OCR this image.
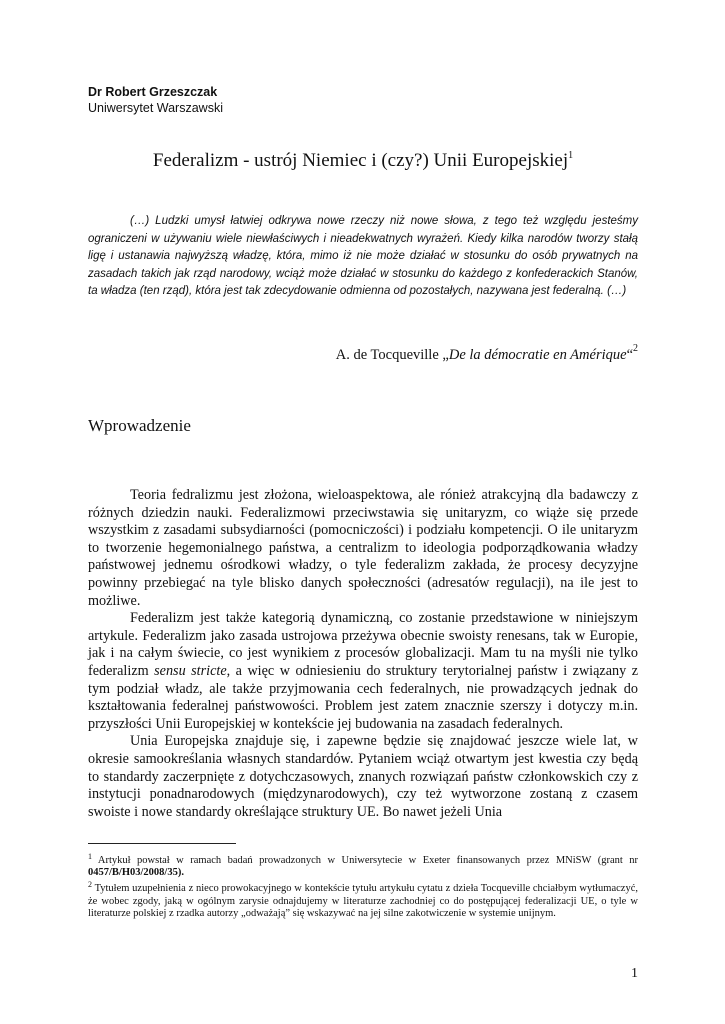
Dr Robert Grzeszczak
Uniwersytet Warszawski
Federalizm - ustrój Niemiec i (czy?) Unii Europejskiej$^1$
(…) Ludzki umysł łatwiej odkrywa nowe rzeczy niż nowe słowa, z tego też względu jesteśmy ograniczeni w używaniu wiele niewłaściwych i nieadekwatnych wyrażeń. Kiedy kilka narodów tworzy stałą ligę i ustanawia najwyższą władzę, która, mimo iż nie może działać w stosunku do osób prywatnych na zasadach takich jak rząd narodowy, wciąż może działać w stosunku do każdego z konfederackich Stanów, ta władza (ten rząd), która jest tak zdecydowanie odmienna od pozostałych, nazywana jest federalną. (…)
A. de Tocqueville „De la démocratie en Amérique“$^2$
Wprowadzenie

Teoria fedralizmu jest złożona, wieloaspektowa, ale rónież atrakcyjną dla badawczy z różnych dziedzin nauki. Federalizmowi przeciwstawia się unitaryzm, co wiąże się przede wszystkim z zasadami subsydiarności (pomocniczości) i podziału kompetencji. O ile unitaryzm to tworzenie hegemonialnego państwa, a centralizm to ideologia podporządkowania władzy państwowej jednemu ośrodkowi władzy, o tyle federalizm zakłada, że procesy decyzyjne powinny przebiegać na tyle blisko danych społeczności (adresatów regulacji), na ile jest to możliwe.

Federalizm jest także kategorią dynamiczną, co zostanie przedstawione w niniejszym artykule. Federalizm jako zasada ustrojowa przeżywa obecnie swoisty renesans, tak w Europie, jak i na całym świecie, co jest wynikiem z procesów globalizacji. Mam tu na myśli nie tylko federalizm sensu stricte, a więc w odniesieniu do struktury terytorialnej państw i związany z tym podział władz, ale także przyjmowania cech federalnych, nie prowadzących jednak do kształtowania federalnej państwowości. Problem jest zatem znacznie szerszy i dotyczy m.in. przyszłości Unii Europejskiej w kontekście jej budowania na zasadach federalnych.

Unia Europejska znajduje się, i zapewne będzie się znajdować jeszcze wiele lat, w okresie samookreślania własnych standardów. Pytaniem wciąż otwartym jest kwestia czy będą to standardy zaczerpnięte z dotychczasowych, znanych rozwiązań państw członkowskich czy z instytucji ponadnarodowych (międzynarodowych), czy też wytworzone zostaną z czasem swoiste i nowe standardy określające struktury UE. Bo nawet jeżeli Unia

$^1$ Artykuł powstał w ramach badań prowadzonych w Uniwersytecie w Exeter finansowanych przez MNiSW (grant nr 0457/B/H03/2008/35).

$^2$ Tytułem uzupełnienia z nieco prowokacyjnego w kontekście tytułu artykułu cytatu z dzieła Tocqueville chciałbym wytłumaczyć, że wobec zgody, jaką w ogólnym zarysie odnajdujemy w literaturze zachodniej co do postępującej federalizacji UE, o tyle w literaturze polskiej z rzadka autorzy „odważają” się wskazywać na jej silne zakotwiczenie w systemie unijnym.

1
